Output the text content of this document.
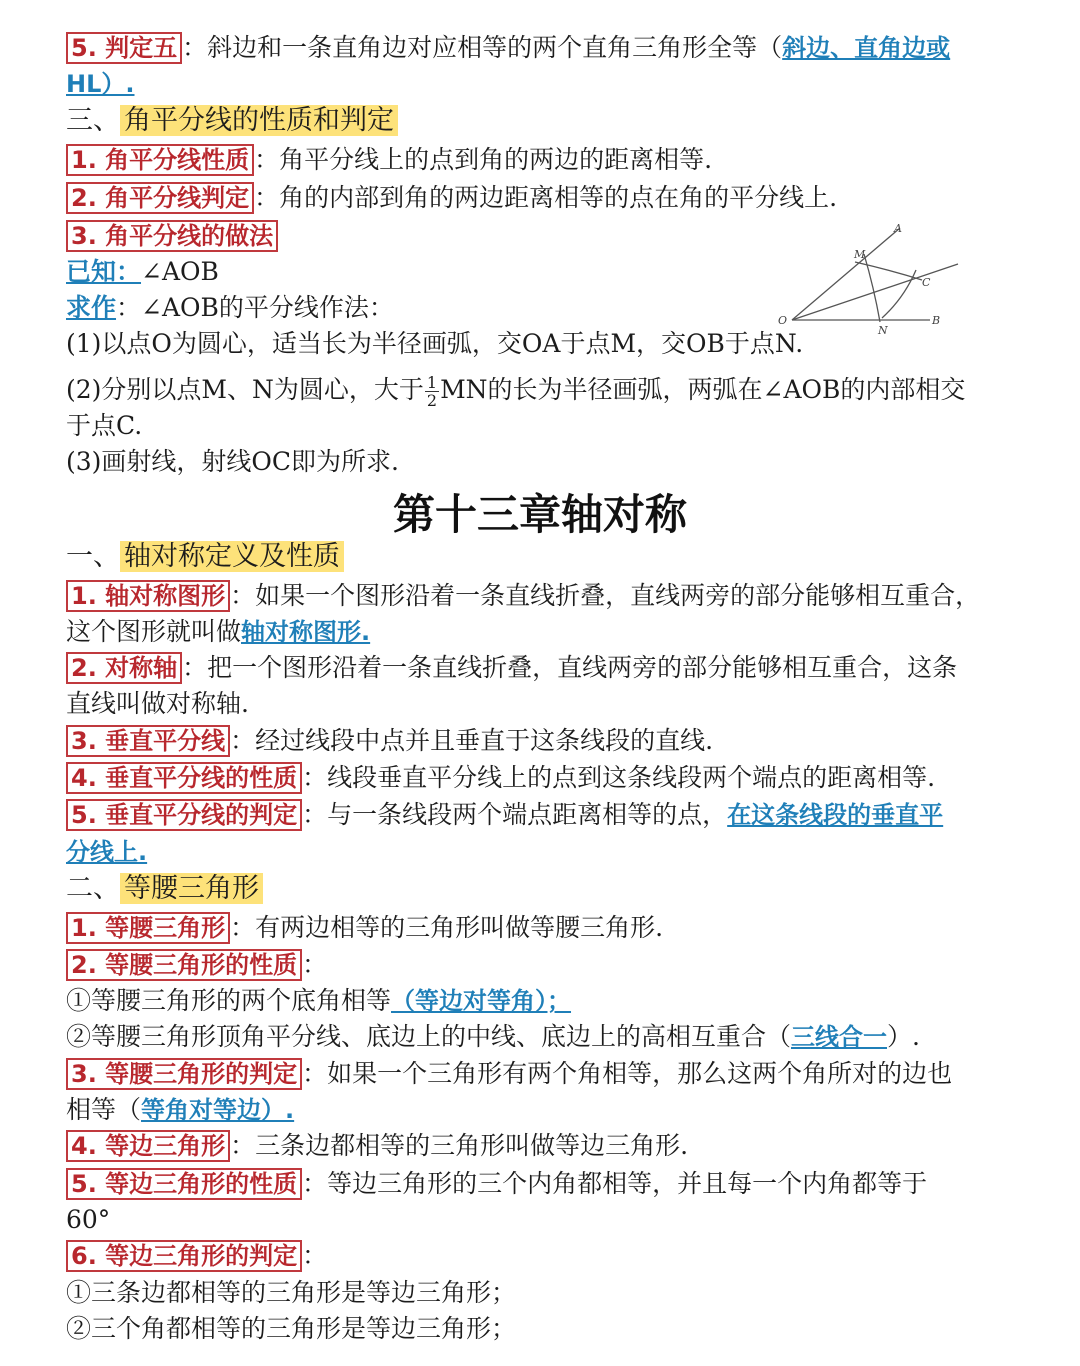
5. 判定五 ：斜边和一条直角边对应相等的两个直角三角形全等（斜边、直角边或
HL）.
三、 角平分线的性质和判定
1. 角平分线性质 ：角平分线上的点到角的两边的距离相等.
2. 角平分线判定 ：角的内部到角的两边距离相等的点在角的平分线上.
3. 角平分线的做法
已知：∠AOB
求作：∠AOB的平分线作法：
(1)以点O为圆心，适当长为半径画弧，交OA于点M，交OB于点N.
(2)分别以点M、N为圆心，大于 $\frac{1}{2}$ MN的长为半径画弧，两弧在∠AOB的内部相交
于点C.
(3)画射线，射线OC即为所求.
A
M
C
O
N
B
第十三章轴对称
一、 轴对称定义及性质
1. 轴对称图形 ：如果一个图形沿着一条直线折叠，直线两旁的部分能够相互重合，
这个图形就叫做轴对称图形.
2. 对称轴 ：把一个图形沿着一条直线折叠，直线两旁的部分能够相互重合，这条
直线叫做对称轴.
3. 垂直平分线 ：经过线段中点并且垂直于这条线段的直线.
4. 垂直平分线的性质 ：线段垂直平分线上的点到这条线段两个端点的距离相等.
5. 垂直平分线的判定 ：与一条线段两个端点距离相等的点，在这条线段的垂直平
分线上.
二、 等腰三角形
1. 等腰三角形 ：有两边相等的三角形叫做等腰三角形.
2. 等腰三角形的性质 ：
①等腰三角形的两个底角相等（等边对等角）；
②等腰三角形顶角平分线、底边上的中线、底边上的高相互重合（三线合一）.
3. 等腰三角形的判定 ：如果一个三角形有两个角相等，那么这两个角所对的边也
相等（等角对等边）.
4. 等边三角形 ：三条边都相等的三角形叫做等边三角形.
5. 等边三角形的性质 ：等边三角形的三个内角都相等，并且每一个内角都等于
60°
6. 等边三角形的判定 ：
①三条边都相等的三角形是等边三角形；
②三个角都相等的三角形是等边三角形；
